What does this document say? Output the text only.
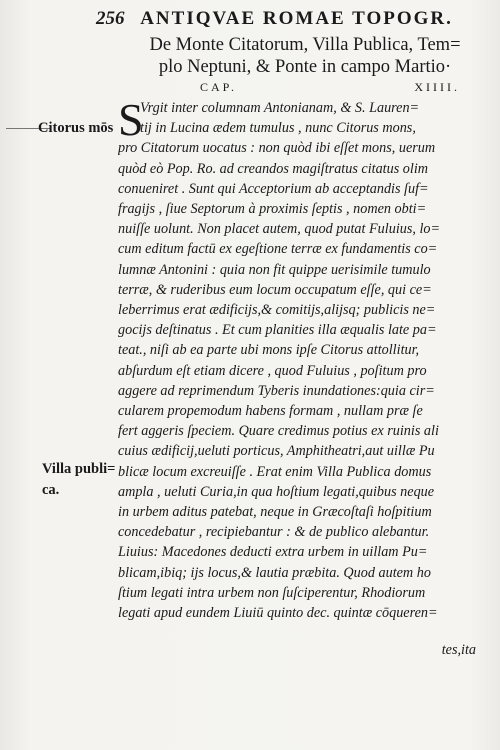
256 ANTIQVAE ROMAE TOPOGR.
De Monte Citatorum, Villa Publica, Tem=
plo Neptuni, & Ponte in campo Martio·
CAP.	XIIII.
Citorus mōs
Villa publi=
ca.
S
Vrgit inter columnam Antonianam, & S. Lauren=
tij in Lucina ædem tumulus , nunc Citorus mons,
pro Citatorum uocatus : non quòd ibi eſſet mons, uerum
quòd eò Pop. Ro. ad creandos magiſtratus citatus olim
conueniret . Sunt qui Acceptorium ab acceptandis ſuf=
fragijs , ſiue Septorum à proximis ſeptis , nomen obti=
nuiſſe uolunt. Non placet autem, quod putat Fuluius, lo=
cum editum factū ex egeſtione terræ ex fundamentis co=
lumnæ Antonini : quia non fit quippe uerisimile tumulo
terræ, & ruderibus eum locum occupatum eſſe, qui ce=
leberrimus erat ædificijs,& comitijs,alijsq; publicis ne=
gocijs deſtinatus . Et cum planities illa æqualis late pa=
teat., niſi ab ea parte ubi mons ipſe Citorus attollitur,
abſurdum eſt etiam dicere , quod Fuluius , poſitum pro
aggere ad reprimendum Tyberis inundationes:quia cir=
cularem propemodum habens formam , nullam præ ſe
fert aggeris ſpeciem. Quare credimus potius ex ruinis ali
cuius ædificij,ueluti porticus, Amphitheatri,aut uillæ Pu
blicæ locum excreuiſſe . Erat enim Villa Publica domus
ampla , ueluti Curia,in qua hoſtium legati,quibus neque
in urbem aditus patebat, neque in Græcoſtaſi hoſpitium
concedebatur , recipiebantur : & de publico alebantur.
Liuius: Macedones deducti extra urbem in uillam Pu=
blicam,ibiq; ijs locus,& lautia præbita. Quod autem ho
ſtium legati intra urbem non ſuſciperentur, Rhodiorum
legati apud eundem Liuiū quinto dec. quintæ cōqueren=
tes,ita
